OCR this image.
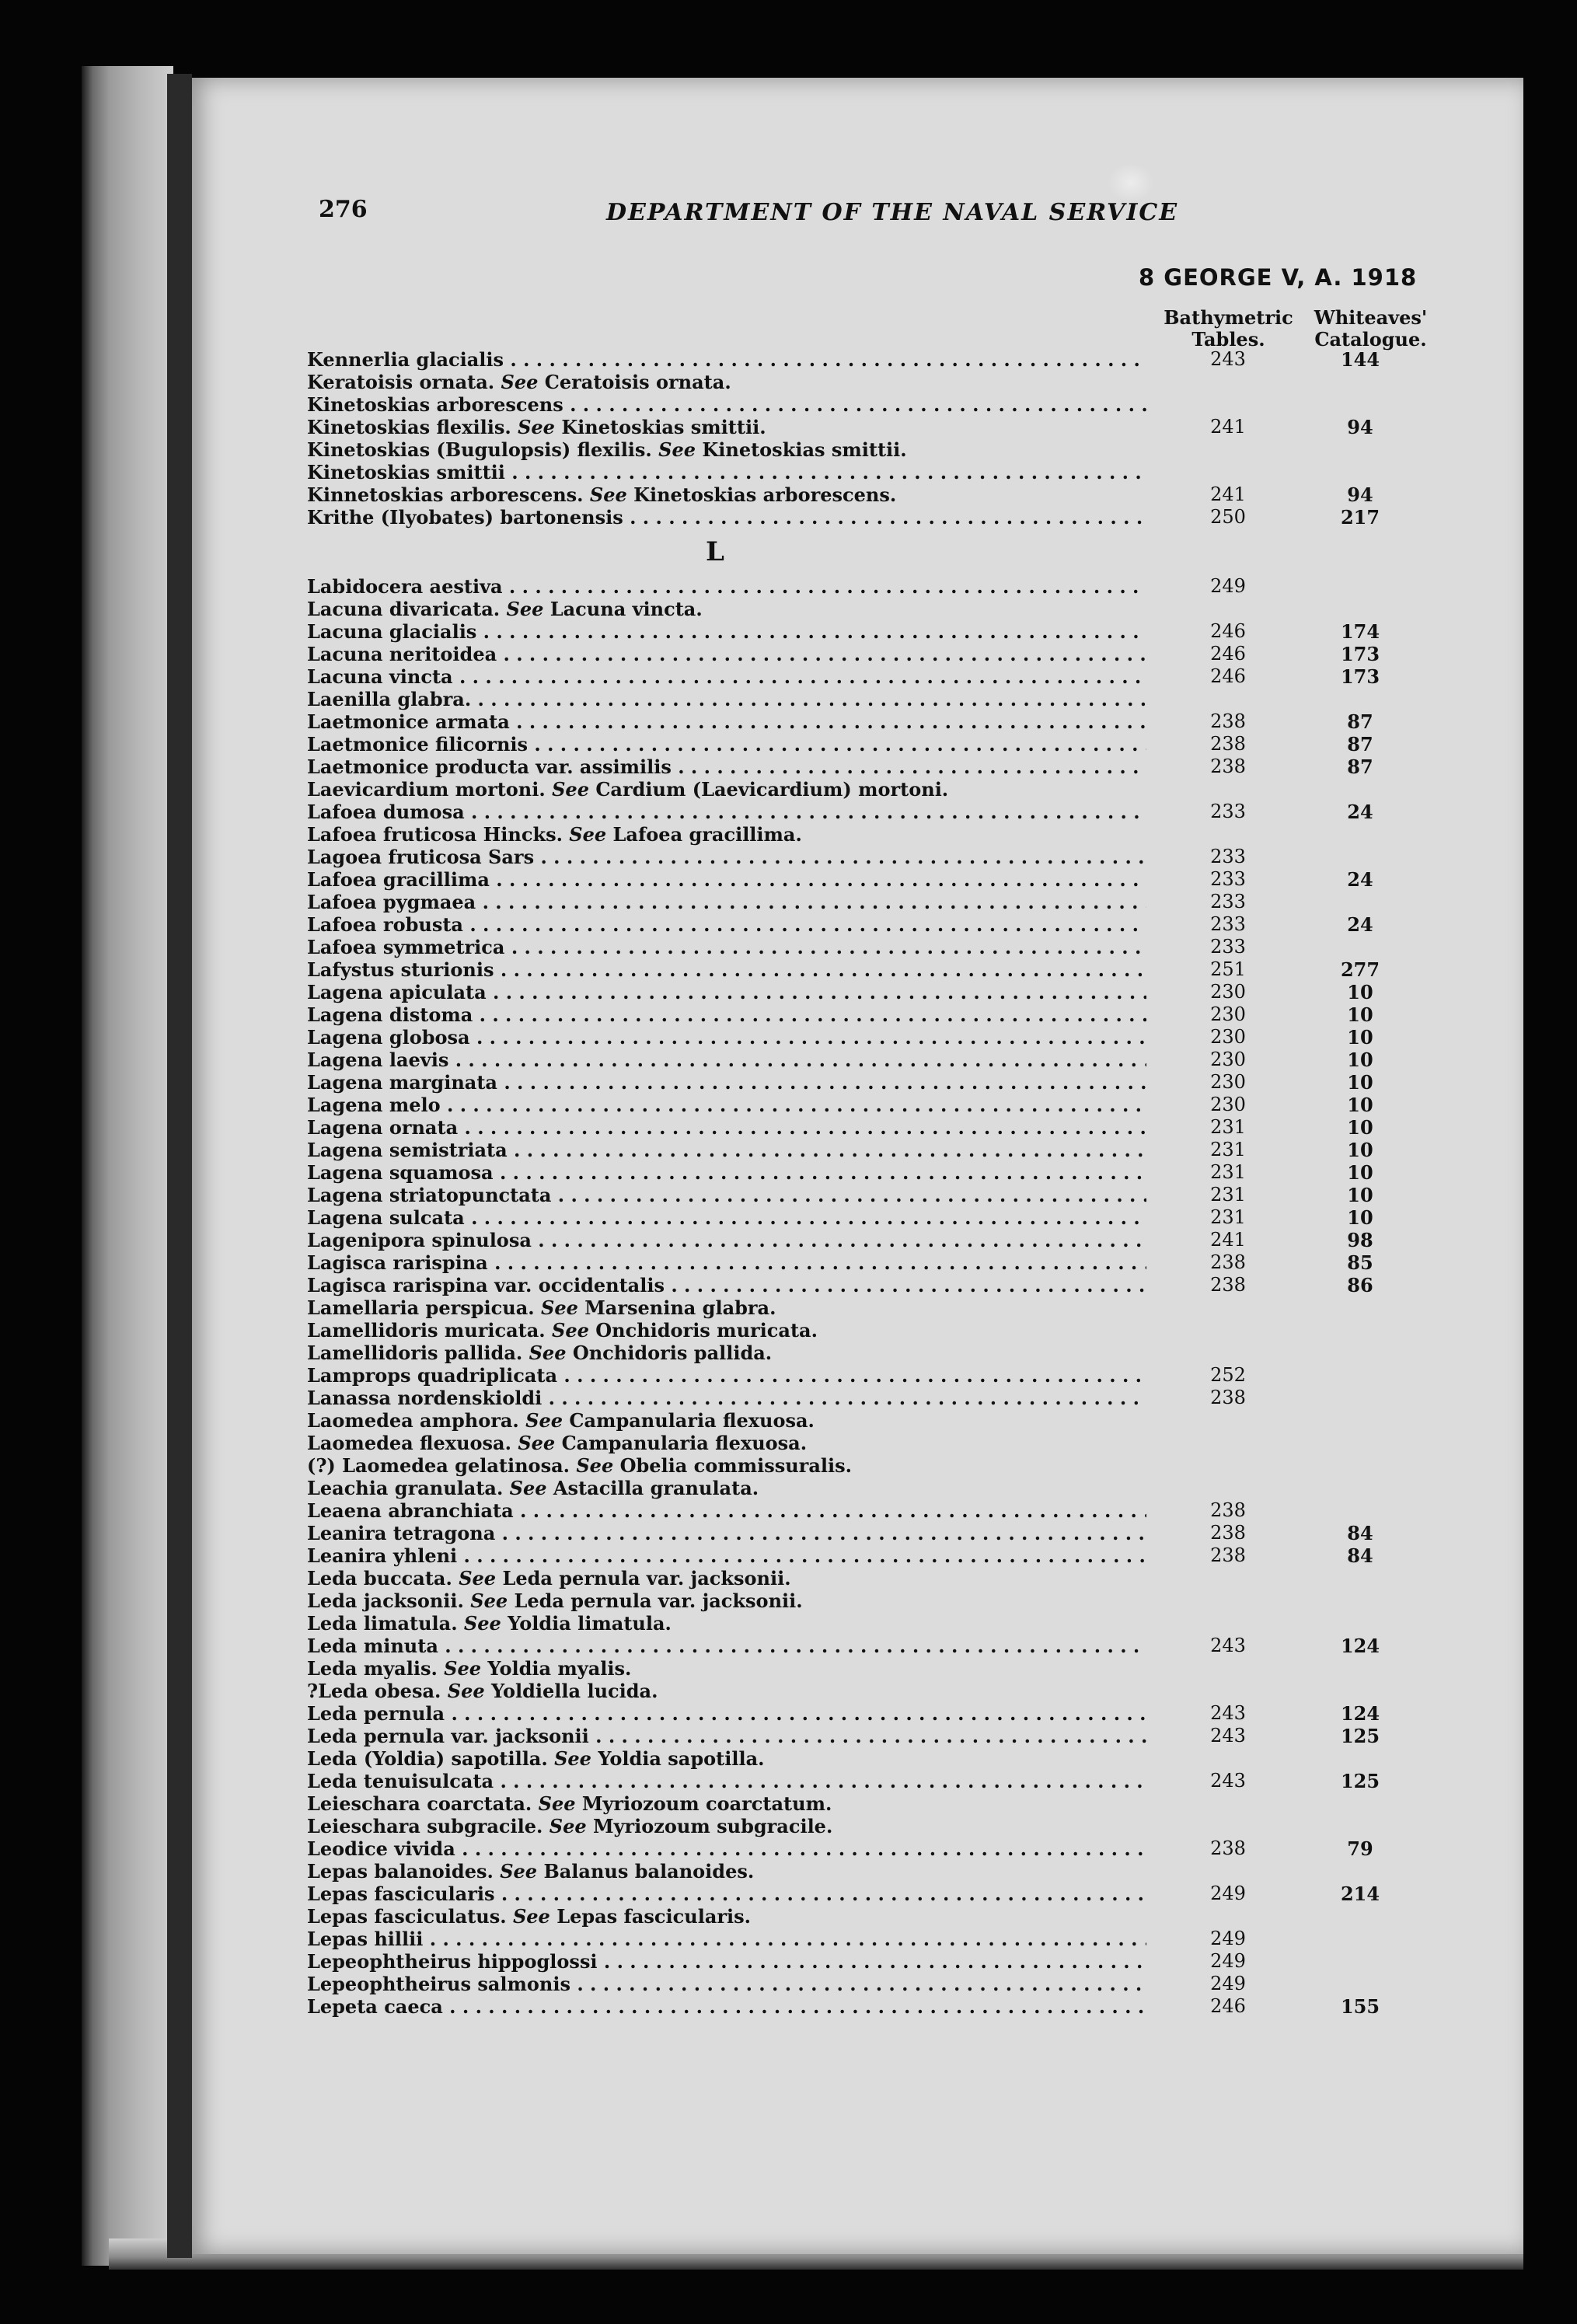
276	DEPARTMENT OF THE NAVAL SERVICE
8 GEORGE V, A. 1918
Bathymetric
Tables.
Whiteaves'
Catalogue.
Kennerlia glacialis . . .	243	144
Keratoisis ornata. See Ceratoisis ornata.
Kinetoskias arborescens . . .
Kinetoskias flexilis. See Kinetoskias smittii.	241	94
Kinetoskias (Bugulopsis) flexilis. See Kinetoskias smittii.
Kinetoskias smittii . . .
Kinnetoskias arborescens. See Kinetoskias arborescens.	241	94
Krithe (Ilyobates) bartonensis . . .	250	217
L
Labidocera aestiva . . .	249
Lacuna divaricata. See Lacuna vincta.
Lacuna glacialis . . .	246	174
Lacuna neritoidea . . .	246	173
Lacuna vincta . . .	246	173
Laenilla glabra. . . .
Laetmonice armata . . .	238	87
Laetmonice filicornis . . .	238	87
Laetmonice producta var. assimilis . . .	238	87
Laevicardium mortoni. See Cardium (Laevicardium) mortoni.
Lafoea dumosa . . .	233	24
Lafoea fruticosa Hincks. See Lafoea gracillima.
Lagoea fruticosa Sars . . .	233
Lafoea gracillima . . .	233	24
Lafoea pygmaea . . .	233
Lafoea robusta . . .	233	24
Lafoea symmetrica . . .	233
Lafystus sturionis . . .	251	277
Lagena apiculata . . .	230	10
Lagena distoma . . .	230	10
Lagena globosa . . .	230	10
Lagena laevis . . .	230	10
Lagena marginata . . .	230	10
Lagena melo . . .	230	10
Lagena ornata . . .	231	10
Lagena semistriata . . .	231	10
Lagena squamosa . . .	231	10
Lagena striatopunctata . . .	231	10
Lagena sulcata . . .	231	10
Lagenipora spinulosa . . .	241	98
Lagisca rarispina . . .	238	85
Lagisca rarispina var. occidentalis . . .	238	86
Lamellaria perspicua. See Marsenina glabra.
Lamellidoris muricata. See Onchidoris muricata.
Lamellidoris pallida. See Onchidoris pallida.
Lamprops quadriplicata . . .	252
Lanassa nordenskioldi . . .	238
Laomedea amphora. See Campanularia flexuosa.
Laomedea flexuosa. See Campanularia flexuosa.
(?) Laomedea gelatinosa. See Obelia commissuralis.
Leachia granulata. See Astacilla granulata.
Leaena abranchiata . . .	238
Leanira tetragona . . .	238	84
Leanira yhleni . . .	238	84
Leda buccata. See Leda pernula var. jacksonii.
Leda jacksonii. See Leda pernula var. jacksonii.
Leda limatula. See Yoldia limatula.
Leda minuta . . .	243	124
Leda myalis. See Yoldia myalis.
?Leda obesa. See Yoldiella lucida.
Leda pernula . . .	243	124
Leda pernula var. jacksonii . . .	243	125
Leda (Yoldia) sapotilla. See Yoldia sapotilla.
Leda tenuisulcata . . .	243	125
Leieschara coarctata. See Myriozoum coarctatum.
Leieschara subgracile. See Myriozoum subgracile.
Leodice vivida . . .	238	79
Lepas balanoides. See Balanus balanoides.
Lepas fascicularis . . .	249	214
Lepas fasciculatus. See Lepas fascicularis.
Lepas hillii . . .	249
Lepeophtheirus hippoglossi . . .	249
Lepeophtheirus salmonis . . .	249
Lepeta caeca . . .	246	155
